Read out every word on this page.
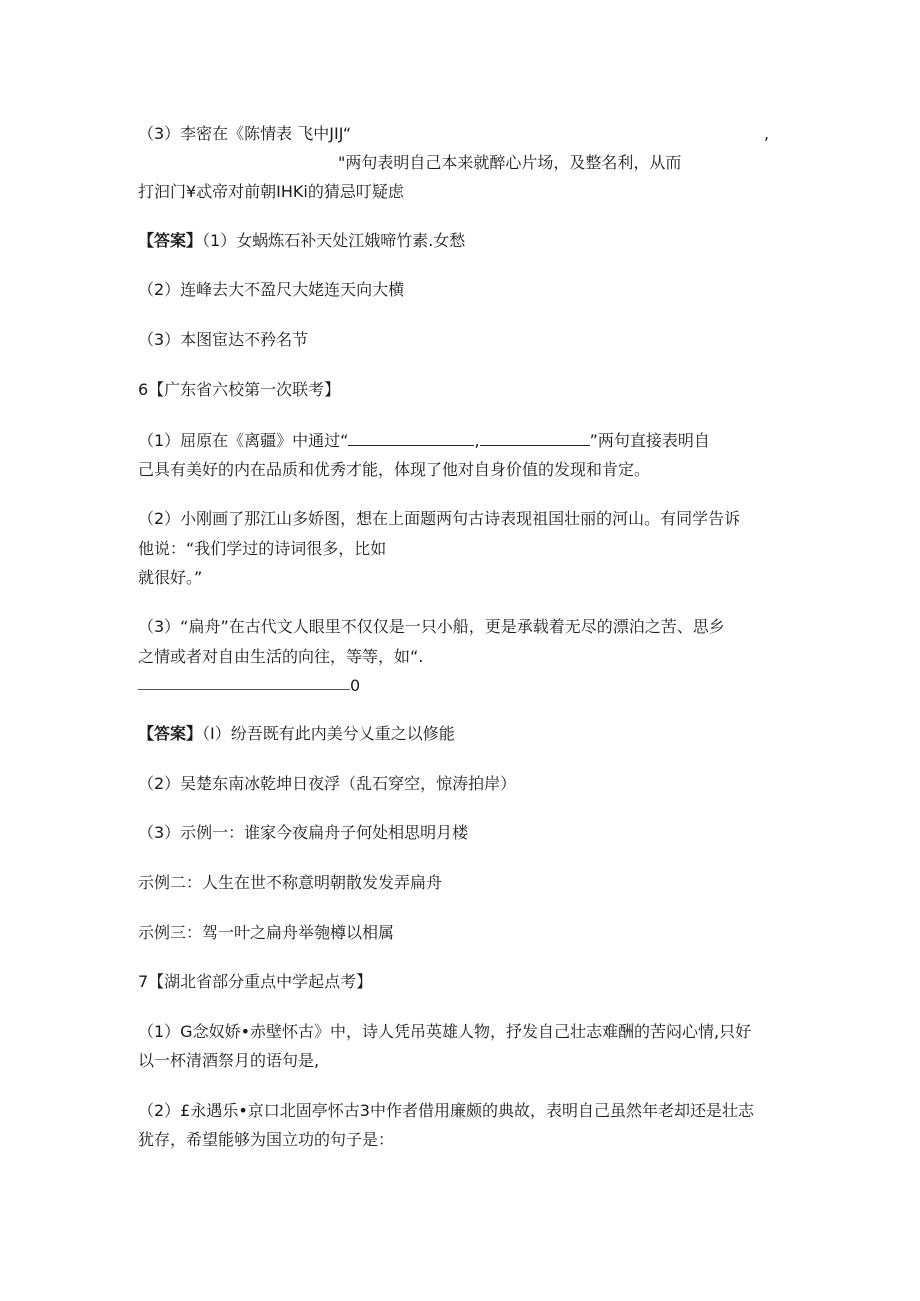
（3）李密在《陈情表 飞中JIJ“	,
"两句表明自己本来就醉心片场，及整名利，从而
打汩门¥忒帝对前朝IHKi的猜忌叮疑虑
【答案】（1）女蜗炼石补天处江娥啼竹素.女愁
（2）连峰去大不盈尺大姥连天向大横
（3）本图宦达不矜名节
6【广东省六校第一次联考】
（1）屈原在《离疆》中通过“	,	”两句直接表明自
己具有美好的内在品质和优秀才能，体现了他对自身价值的发现和肯定。
（2）小刚画了那江山多娇图，想在上面题两句古诗表现祖国壮丽的河山。有同学告诉
他说：“我们学过的诗词很多，比如
就很好。”
（3）“扁舟”在古代文人眼里不仅仅是一只小船，更是承载着无尽的漂泊之苦、思乡
之情或者对自由生活的向往，等等，如“.
0
【答案】（I）纷吾既有此内美兮乂重之以修能
（2）吴楚东南冰乾坤日夜浮（乱石穿空，惊涛拍岸）
（3）示例一：谁家今夜扁舟子何处相思明月楼
示例二：人生在世不称意明朝散发发弄扁舟
示例三：驾一叶之扁舟举匏樽以相属
7【湖北省部分重点中学起点考】
（1）G念奴娇•赤壁怀古》中，诗人凭吊英雄人物，抒发自己壮志难酬的苦闷心情,只好
以一杯清酒祭月的语句是,
（2）£永遇乐•京口北固亭怀古3中作者借用廉颇的典故，表明自己虽然年老却还是壮志
犹存，希望能够为国立功的句子是：
